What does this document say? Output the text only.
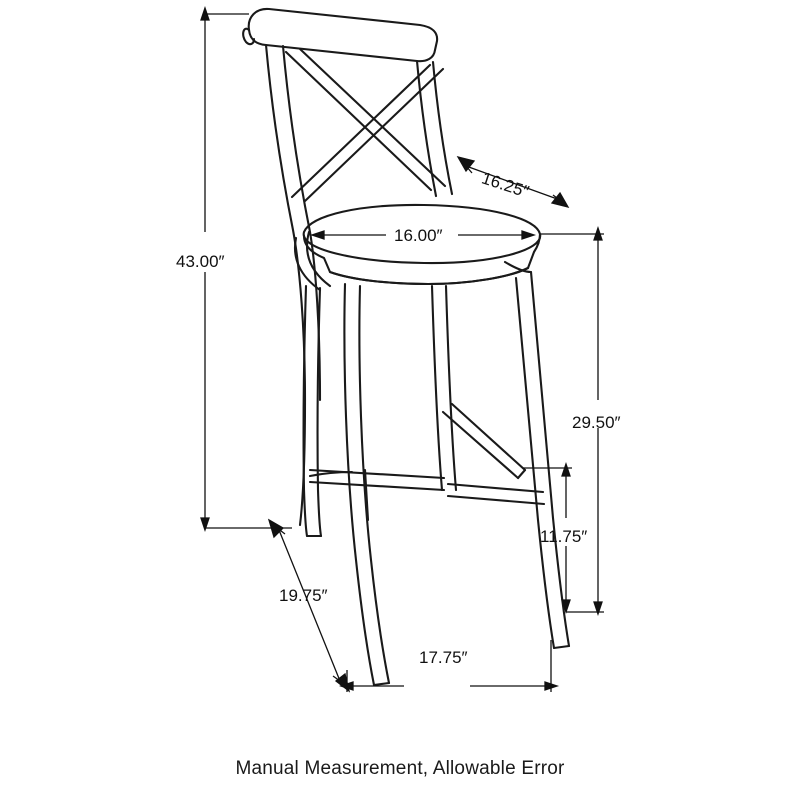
43.00″
16.25″
16.00″
29.50″
11.75″
19.75″
17.75″
Manual Measurement, Allowable Error
